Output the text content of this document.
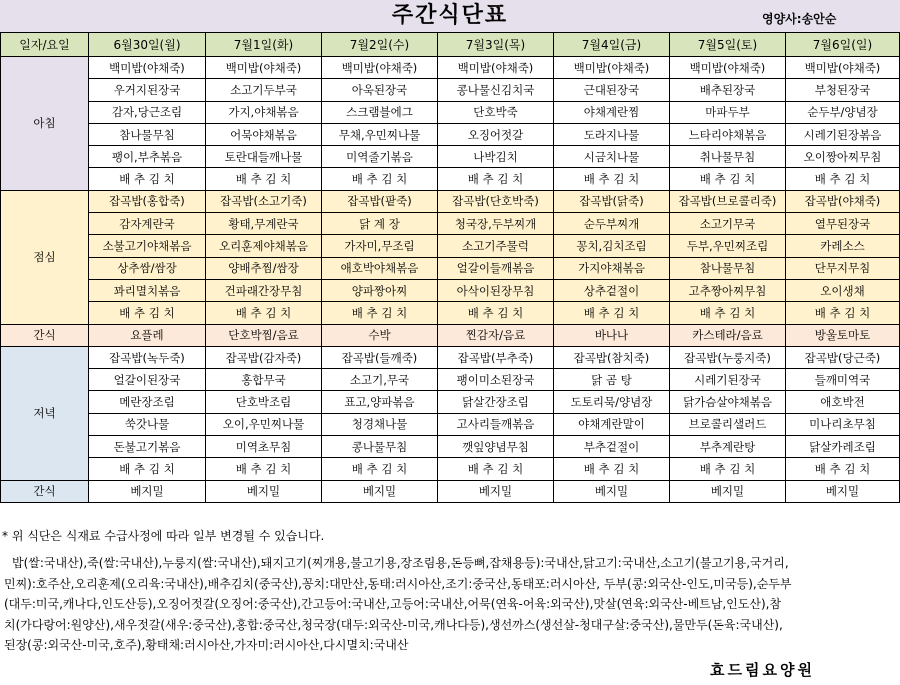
주간식단표	영양사:송안순
일자/요일	6월30일(월)	7월1일(화)	7월2일(수)	7월3일(목)	7월4일(금)	7월5일(토)	7월6일(일)
아침	백미밥(야채죽)	백미밥(야채죽)	백미밥(야채죽)	백미밥(야채죽)	백미밥(야채죽)	백미밥(야채죽)	백미밥(야채죽)
	우거지된장국	소고기두부국	아욱된장국	콩나물신김치국	근대된장국	배추된장국	부청된장국
	감자,당근조림	가지,야채볶음	스크램블에그	단호박죽	야채계란찜	마파두부	순두부/양념장
	참나물무침	어묵야채볶음	무채,우민찌나물	오징어젓갈	도라지나물	느타리야채볶음	시레기된장볶음
	팽이,부추볶음	토란대들깨나물	미역줄기볶음	나박김치	시금치나물	취나물무침	오이짱아찌무침
	배 추 김 치	배 추 김 치	배 추 김 치	배 추 김 치	배 추 김 치	배 추 김 치	배 추 김 치
점심	잡곡밥(홍합죽)	잡곡밥(소고기죽)	잡곡밥(팥죽)	잡곡밥(단호박죽)	잡곡밥(닭죽)	잡곡밥(브로콜리죽)	잡곡밥(야채죽)
	감자계란국	황태,무계란국	닭 계 장	청국장,두부찌개	순두부찌개	소고기무국	열무된장국
	소불고기야채볶음	오리훈제야채볶음	가자미,무조림	소고기주물럭	꽁치,김치조림	두부,우민찌조림	카레소스
	상추쌈/쌈장	양배추찜/쌈장	애호박야채볶음	얼갈이들깨볶음	가지야채볶음	참나물무침	단무지무침
	꽈리멸치볶음	건파래간장무침	양파짱아찌	아삭이된장무침	상추겉절이	고추짱아찌무침	오이생채
	배 추 김 치	배 추 김 치	배 추 김 치	배 추 김 치	배 추 김 치	배 추 김 치	배 추 김 치
간식	요플레	단호박찜/음료	수박	찐감자/음료	바나나	카스테라/음료	방울토마토
저녁	잡곡밥(녹두죽)	잡곡밥(감자죽)	잡곡밥(들깨죽)	잡곡밥(부추죽)	잡곡밥(참치죽)	잡곡밥(누룽지죽)	잡곡밥(당근죽)
	얼갈이된장국	홍합무국	소고기,무국	팽이미소된장국	닭 곰 탕	시레기된장국	들깨미역국
	메란장조림	단호박조림	표고,양파볶음	닭살간장조림	도토리묵/양념장	닭가슴살야채볶음	애호박전
	쑥갓나물	오이,우민찌나물	청경채나물	고사리들깨볶음	야채계란말이	브로콜리샐러드	미나리초무침
	돈불고기볶음	미역초무침	콩나물무침	깻잎양념무침	부추겉절이	부추계란탕	닭살카레조림
	배 추 김 치	배 추 김 치	배 추 김 치	배 추 김 치	배 추 김 치	배 추 김 치	배 추 김 치
간식	베지밀	베지밀	베지밀	베지밀	베지밀	베지밀	베지밀
* 위 식단은 식재료 수급사정에 따라 일부 변경될 수 있습니다.
밥(쌀:국내산),죽(쌀:국내산),누룽지(쌀:국내산),돼지고기(찌개용,불고기용,장조림용,돈등뼈,잡채용등):국내산,닭고기:국내산,소고기(불고기용,국거리,
민찌):호주산,오리훈제(오리육:국내산),배추김치(중국산),꽁치:대만산,동태:러시아산,조기:중국산,동태포:러시아산, 두부(콩:외국산-인도,미국등),순두부
(대두:미국,캐나다,인도산등),오징어젓갈(오징어:중국산),간고등어:국내산,고등어:국내산,어묵(연육-어육:외국산),맛살(연육:외국산-베트남,인도산),참
치(가다랑어:원양산),새우젓갈(새우:중국산),홍합:중국산,청국장(대두:외국산-미국,캐나다등),생선까스(생선살-청대구살:중국산),물만두(돈육:국내산),
된장(콩:외국산-미국,호주),황태채:러시아산,가자미:러시아산,다시멸치:국내산
효드림요양원
